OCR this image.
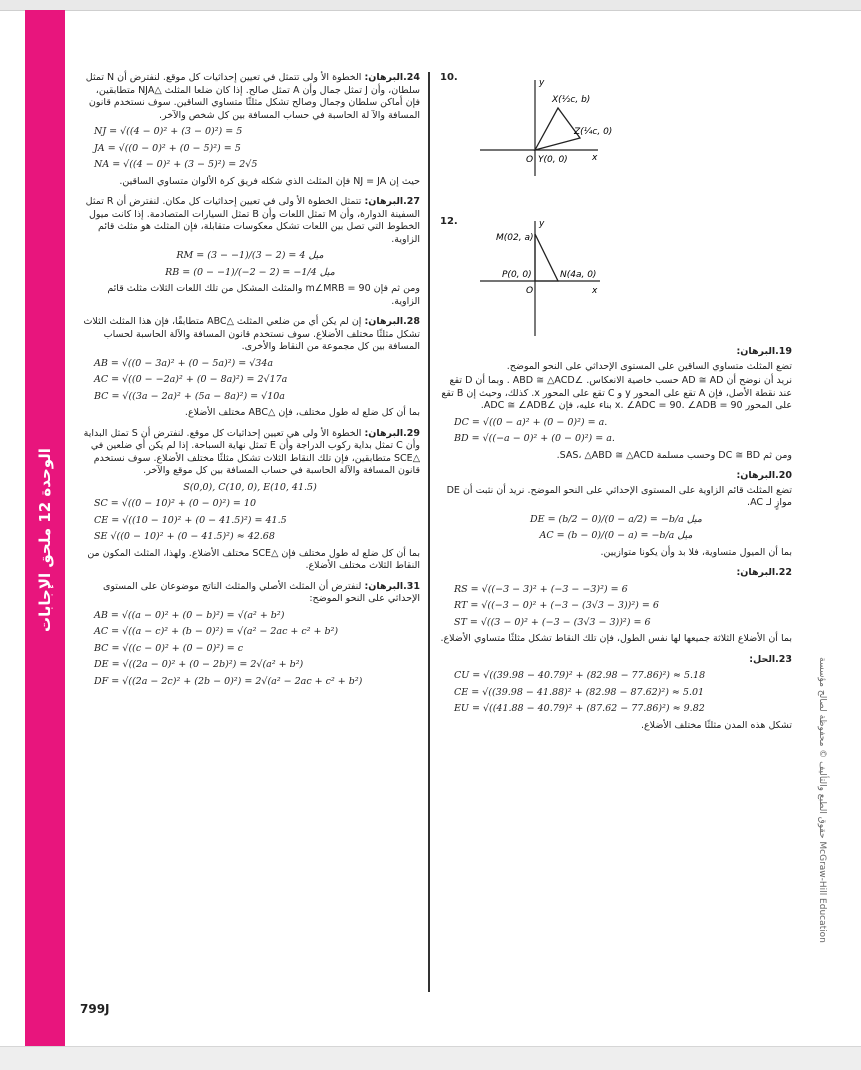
الوحدة 12 ملحق الإجابات
حقوق الطبع والتأليف © محفوظة لصالح مؤسسة McGraw-Hill Education

24.البرهان: الخطوة الأ ولى تتمثل في تعيين إحداثيات كل موقع. لنفترض أن N تمثل سلطان، وأن J تمثل جمال وأن A تمثل صالح. إذا كان ضلعا المثلث △NJA متطابقين، فإن أماكن سلطان وجمال وصالح تشكل مثلثًا متساوي الساقين. سوف نستخدم قانون المسافة والآ لة الحاسبة في حساب المسافة بين كل شخص والآخر.

NJ = √((4 − 0)² + (3 − 0)²) = 5
JA = √((0 − 0)² + (0 − 5)²) = 5
NA = √((4 − 0)² + (3 − 5)²) = 2√5

حيث إن NJ = JA فإن المثلث الذي شكله فريق كرة الألوان متساوي الساقين.

27.البرهان: تتمثل الخطوة الأ ولى في تعيين إحداثيات كل مكان. لنفترض أن R تمثل السفينة الدوارة، وأن M تمثل اللعات وأن B تمثل السيارات المتصادمة. إذا كانت ميول الخطوط التي تصل بين اللعات تشكل معكوسات متقابلة، فإن المثلث هو مثلث قائم الزاوية.

RM = (3 − −1)/(3 − 2) = 4 ميل
RB = (0 − −1)/(−2 − 2) = −1/4 ميل

ومن ثم فإن m∠MRB = 90 والمثلث المشكل من تلك اللعات الثلاث مثلث قائم الزاوية.

28.البرهان: إن لم يكن أي من ضلعي المثلث △ABC متطابقًا، فإن هذا المثلث الثلاث تشكل مثلثًا مختلف الأضلاع. سوف نستخدم قانون المسافة والآلة الحاسبة لحساب المسافة بين كل مجموعة من النقاط والأخرى.

AB = √((0 − 3a)² + (0 − 5a)²) = √34a
AC = √((0 − −2a)² + (0 − 8a)²) = 2√17a
BC = √((3a − 2a)² + (5a − 8a)²) = √10a

بما أن كل ضلع له طول مختلف، فإن △ABC مختلف الأضلاع.

29.البرهان: الخطوة الأ ولى هي تعيين إحداثيات كل موقع. لنفترض أن S تمثل البداية وأن C تمثل بداية ركوب الدراجة وأن E تمثل نهاية السباحة. إذا لم يكن أي ضلعين في △SCE متطابقين، فإن تلك النقاط الثلاث تشكل مثلثًا مختلف الأضلاع. سوف نستخدم قانون المسافة والآلة الحاسبة في حساب المسافة بين كل موقع والآخر.

S(0,0), C(10, 0), E(10, 41.5)
SC = √((0 − 10)² + (0 − 0)²) = 10
CE = √((10 − 10)² + (0 − 41.5)²) = 41.5
SE √((0 − 10)² + (0 − 41.5)²) ≈ 42.68

بما أن كل ضلع له طول مختلف فإن △SCE مختلف الأضلاع. ولهذا، المثلث المكون من النقاط الثلاث مختلف الأضلاع.

31.البرهان: لنفترض أن المثلث الأصلي والمثلث الناتج موضوعان على المستوى الإحداثي على النحو الموضح:

AB = √((a − 0)² + (0 − b)²) = √(a² + b²)
AC = √((a − c)² + (b − 0)²) = √(a² − 2ac + c² + b²)
BC = √((c − 0)² + (0 − 0)²) = c
DE = √((2a − 0)² + (0 − 2b)²) = 2√(a² + b²)
DF = √((2a − 2c)² + (2b − 0)²) = 2√(a² − 2ac + c² + b²)
10.	y
x
X(½c, b)
Z(¼c, 0)
O Y(0, 0)
12.	y
x
M(02, a)
P(0, 0)	N(4a, 0)
O

19.البرهان:

تضع المثلث متساوي الساقين على المستوى الإحداثي على النحو الموضح.

نريد أن نوضح أن AD ≅ AD حسب خاصية الانعكاس. ∠ABD ≅ △ACD . وبما أن D تقع عند نقطة الأصل، فإن A تقع على المحور y و C تقع على المحور x. كذلك، وحيث إن B تقع على المحور x. ∠ADC = 90. ∠ADB = 90 بناء عليه، فإن ∠ADC ≅ ∠ADB.

DC = √((0 − a)² + (0 − 0)²) = a.
BD = √((−a − 0)² + (0 − 0)²) = a.

ومن ثم DC ≅ BD وحسب مسلمة SAS، △ABD ≅ △ACD.

20.البرهان:

تضع المثلث قائم الزاوية على المستوى الإحداثي على النحو الموضح. نريد أن نثبت أن DE موازٍ لـ AC.

DE = (b/2 − 0)/(0 − a/2) = −b/a ميل
AC = (b − 0)/(0 − a) = −b/a ميل

بما أن الميول متساوية، فلا بد وأن يكونا متوازيين.

22.البرهان:

RS = √((−3 − 3)² + (−3 − −3)²) = 6
RT = √((−3 − 0)² + (−3 − (3√3 − 3))²) = 6
ST = √((3 − 0)² + (−3 − (3√3 − 3))²) = 6

بما أن الأضلاع الثلاثة جميعها لها نفس الطول، فإن تلك النقاط تشكل مثلثًا متساوي الأضلاع.

23.الحل:

CU = √((39.98 − 40.79)² + (82.98 − 77.86)²) ≈ 5.18
CE = √((39.98 − 41.88)² + (82.98 − 87.62)²) ≈ 5.01
EU = √((41.88 − 40.79)² + (87.62 − 77.86)²) ≈ 9.82

تشكل هذه المدن مثلثًا مختلف الأضلاع.

799J
